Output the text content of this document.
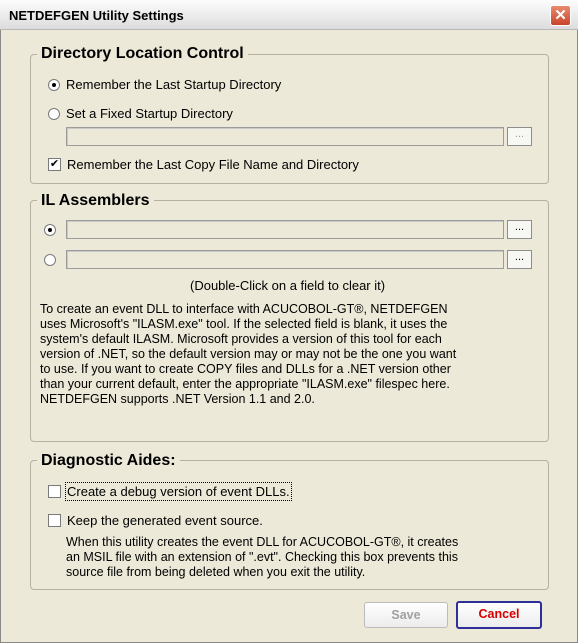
NETDEFGEN Utility Settings	✕
Directory Location Control
Remember the Last Startup Directory
Set a Fixed Startup Directory
...
✔ Remember the Last Copy File Name and Directory
IL Assemblers
...
...
(Double-Click on a field to clear it)
To create an event DLL to interface with ACUCOBOL-GT®, NETDEFGEN
uses Microsoft's "ILASM.exe" tool. If the selected field is blank, it uses the
system's default ILASM. Microsoft provides a version of this tool for each
version of .NET, so the default version may or may not be the one you want
to use. If you want to create COPY files and DLLs for a .NET version other
than your current default, enter the appropriate "ILASM.exe" filespec here.
NETDEFGEN supports .NET Version 1.1 and 2.0.
Diagnostic Aides:
Create a debug version of event DLLs.
Keep the generated event source.
When this utility creates the event DLL for ACUCOBOL-GT®, it creates
an MSIL file with an extension of ".evt". Checking this box prevents this
source file from being deleted when you exit the utility.
Save	Cancel
